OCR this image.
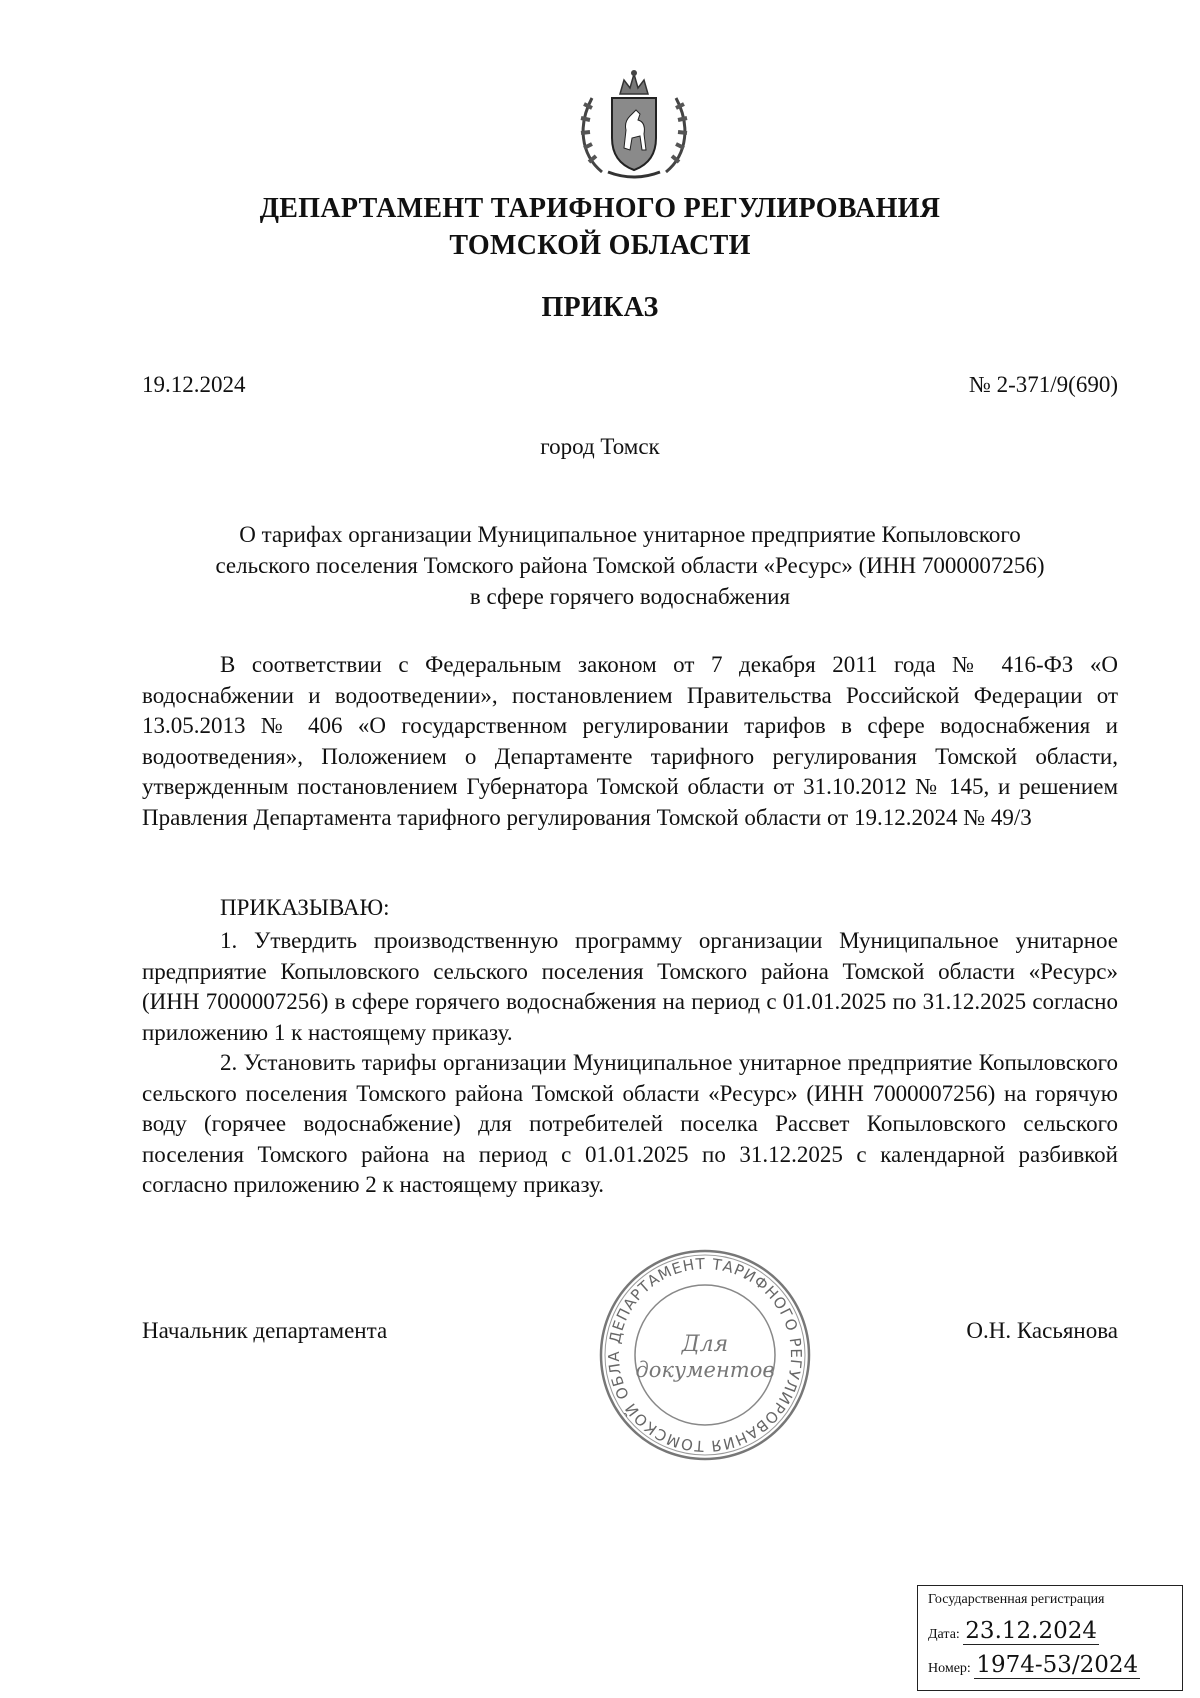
ДЕПАРТАМЕНТ ТАРИФНОГО РЕГУЛИРОВАНИЯ
ТОМСКОЙ ОБЛАСТИ
ПРИКАЗ
19.12.2024	№ 2-371/9(690)
город Томск
О тарифах организации Муниципальное унитарное предприятие Копыловского
сельского поселения Томского района Томской области «Ресурс» (ИНН 7000007256)
в сфере горячего водоснабжения
В соответствии с Федеральным законом от 7 декабря 2011 года № 416-ФЗ «О водоснабжении и водоотведении», постановлением Правительства Российской Федерации от 13.05.2013 № 406 «О государственном регулировании тарифов в сфере водоснабжения и водоотведения», Положением о Департаменте тарифного регулирования Томской области, утвержденным постановлением Губернатора Томской области от 31.10.2012 № 145, и решением Правления Департамента тарифного регулирования Томской области от 19.12.2024 № 49/3
ПРИКАЗЫВАЮ:
1. Утвердить производственную программу организации Муниципальное унитарное предприятие Копыловского сельского поселения Томского района Томской области «Ресурс» (ИНН 7000007256) в сфере горячего водоснабжения на период с 01.01.2025 по 31.12.2025 согласно приложению 1 к настоящему приказу.
2. Установить тарифы организации Муниципальное унитарное предприятие Копыловского сельского поселения Томского района Томской области «Ресурс» (ИНН 7000007256) на горячую воду (горячее водоснабжение) для потребителей поселка Рассвет Копыловского сельского поселения Томского района на период с 01.01.2025 по 31.12.2025 с календарной разбивкой согласно приложению 2 к настоящему приказу.
Начальник департамента	О.Н. Касьянова
ДЕПАРТАМЕНТ ТАРИФНОГО РЕГУЛИРОВАНИЯ ТОМСКОЙ ОБЛА	Для
документов
Государственная регистрация
Дата: 23.12.2024
Номер: 1974-53/2024
